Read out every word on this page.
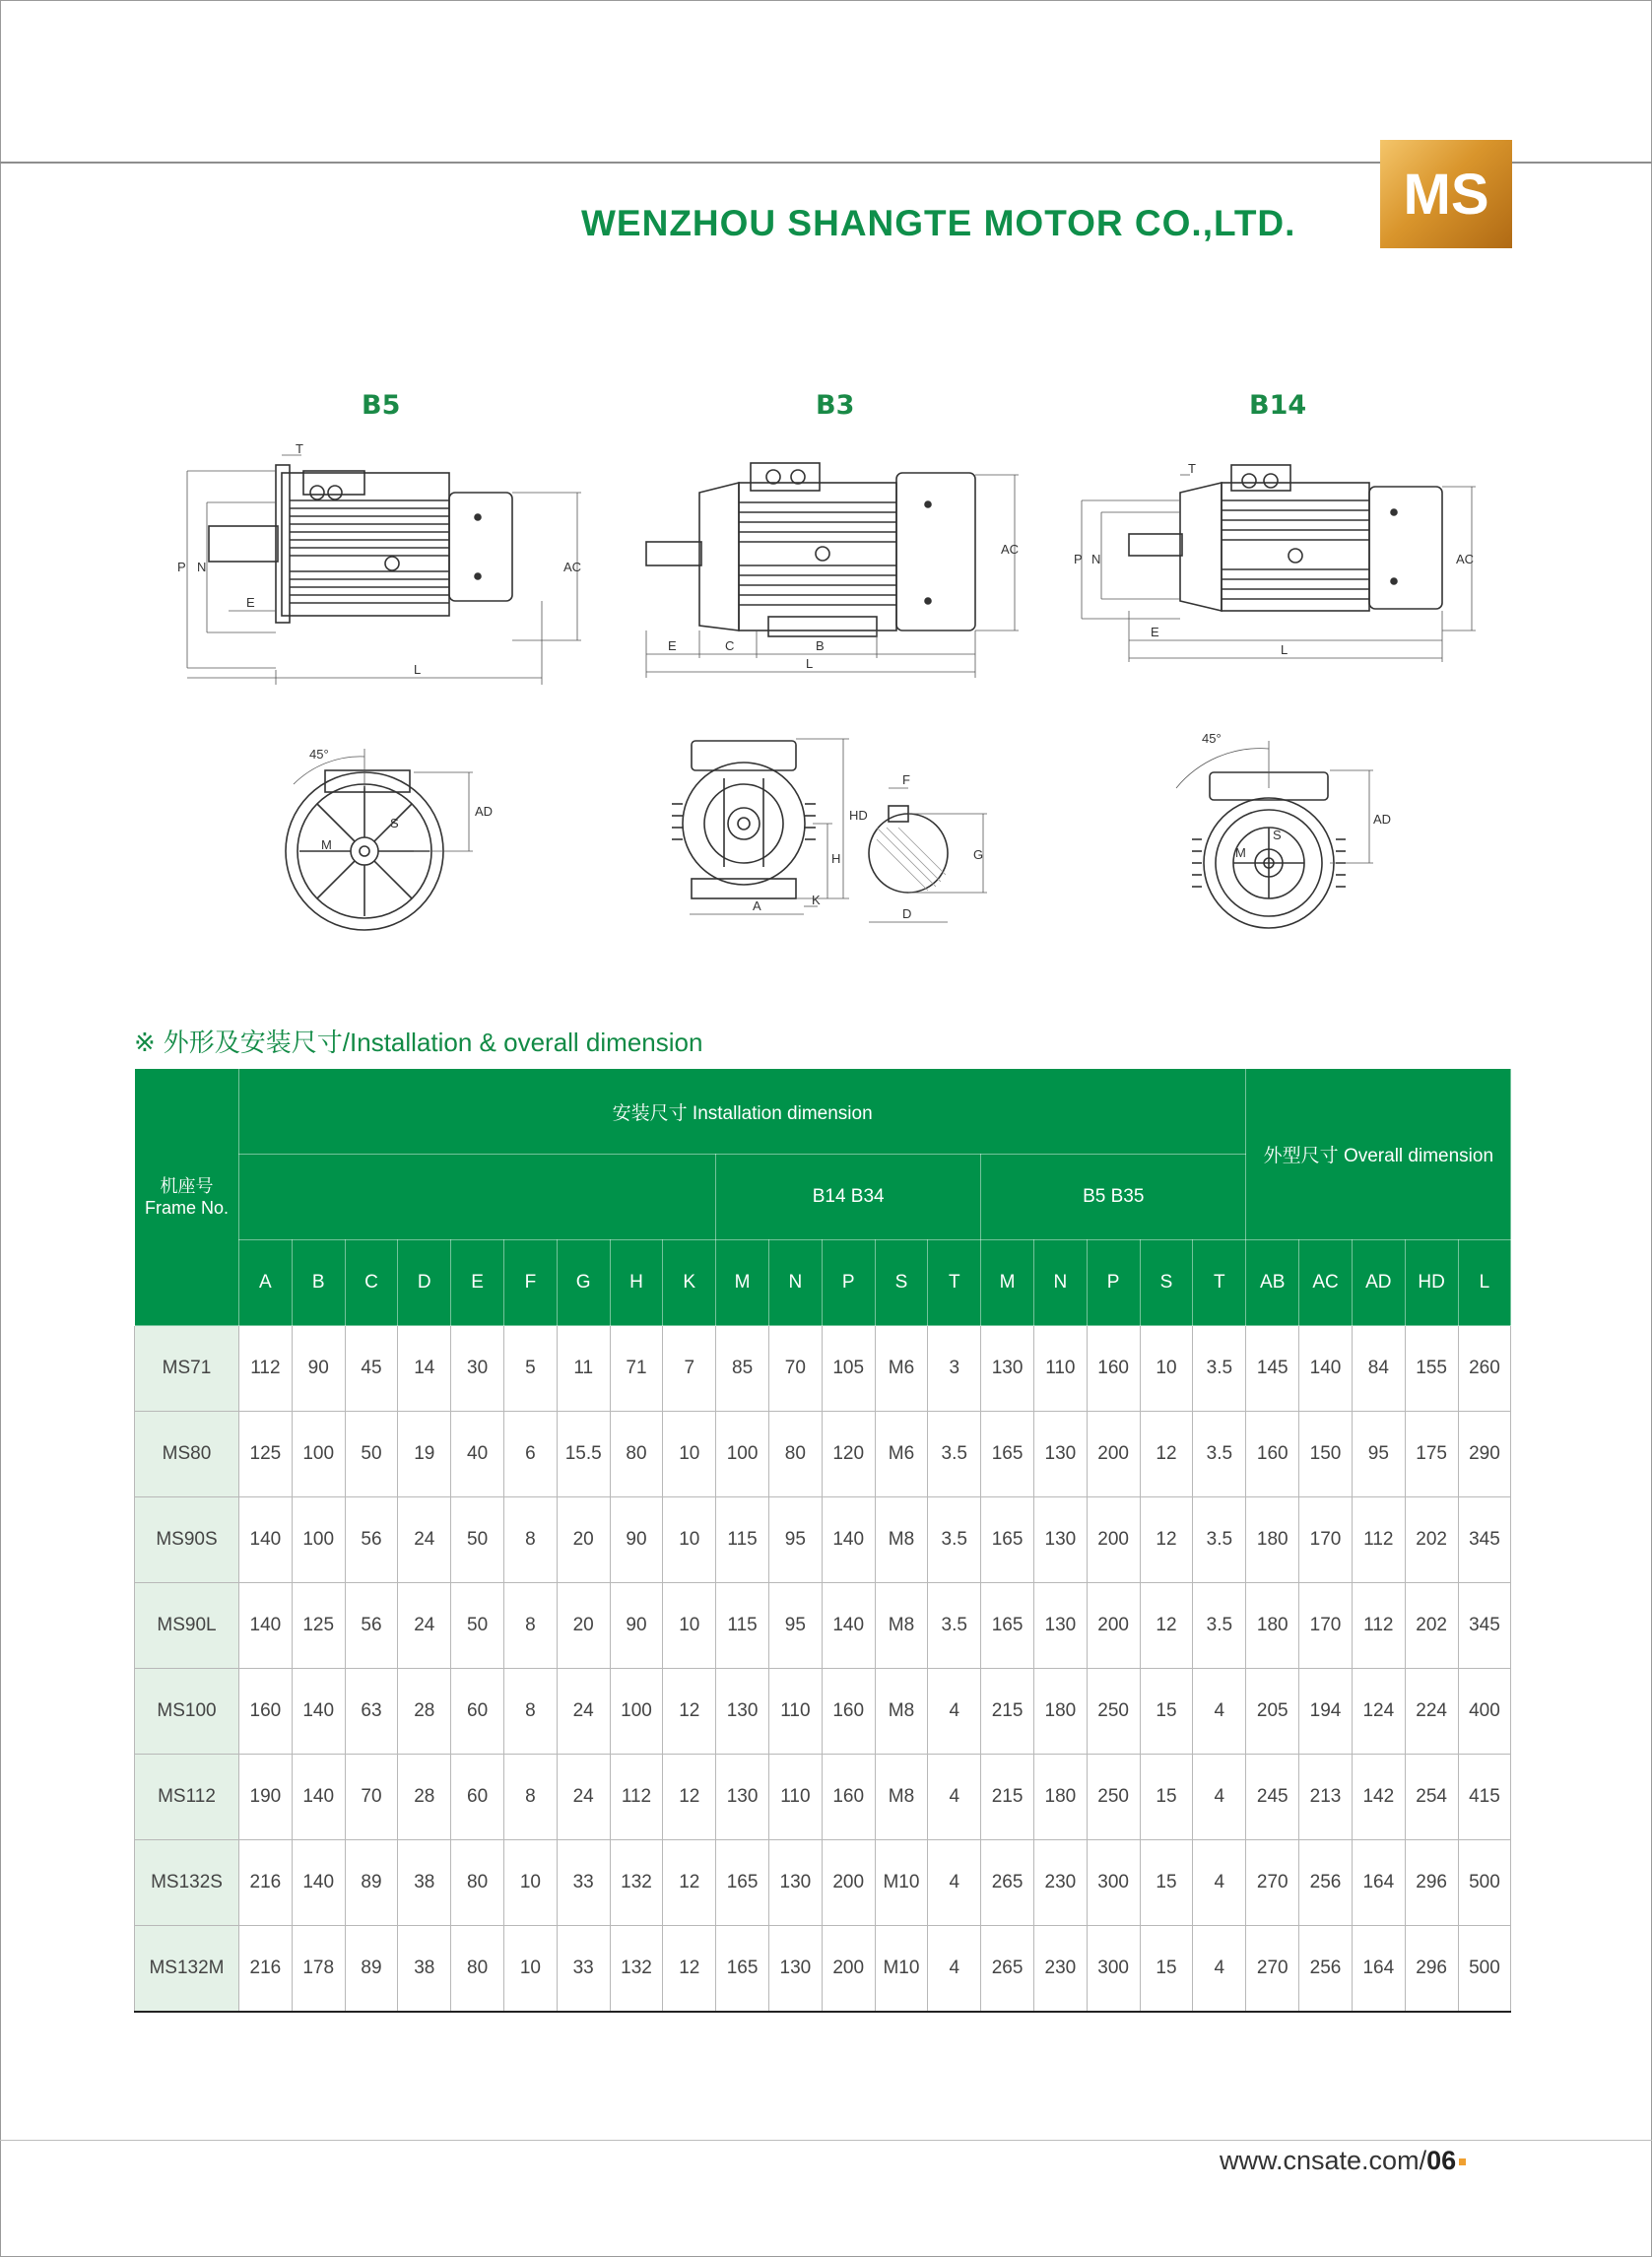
WENZHOU SHANGTE MOTOR CO.,LTD.	MS
B5	B3	B14
T
P N
E
L
AC
E	C	B
L
AC
T
P N
E
L
AC
45°
M
S
AD
A	K
HD
H
F
G
D
45°
M
S
AD
※ 外形及安装尺寸/Installation & overall dimension
机座号
Frame No.	安装尺寸 Installation dimension																			外型尺寸 Overall dimension				
										B14 B34					B5 B35									
	A	B	C	D	E	F	G	H	K	M	N	P	S	T	M	N	P	S	T	AB	AC	AD	HD	L
MS71	112	90	45	14	30	5	11	71	7	85	70	105	M6	3	130	110	160	10	3.5	145	140	84	155	260
MS80	125	100	50	19	40	6	15.5	80	10	100	80	120	M6	3.5	165	130	200	12	3.5	160	150	95	175	290
MS90S	140	100	56	24	50	8	20	90	10	115	95	140	M8	3.5	165	130	200	12	3.5	180	170	112	202	345
MS90L	140	125	56	24	50	8	20	90	10	115	95	140	M8	3.5	165	130	200	12	3.5	180	170	112	202	345
MS100	160	140	63	28	60	8	24	100	12	130	110	160	M8	4	215	180	250	15	4	205	194	124	224	400
MS112	190	140	70	28	60	8	24	112	12	130	110	160	M8	4	215	180	250	15	4	245	213	142	254	415
MS132S	216	140	89	38	80	10	33	132	12	165	130	200	M10	4	265	230	300	15	4	270	256	164	296	500
MS132M	216	178	89	38	80	10	33	132	12	165	130	200	M10	4	265	230	300	15	4	270	256	164	296	500
www.cnsate.com/06
